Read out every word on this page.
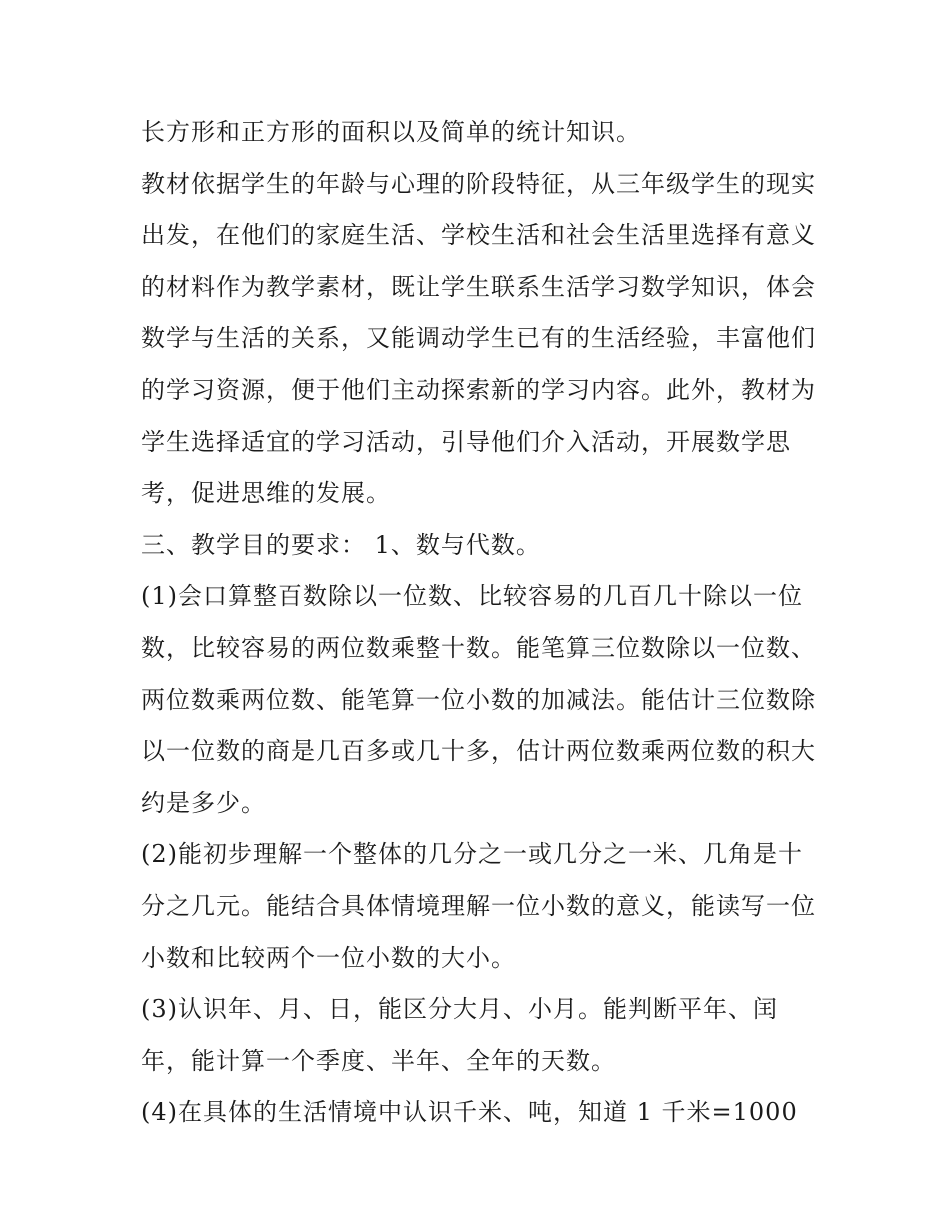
长方形和正方形的面积以及简单的统计知识。
教材依据学生的年龄与心理的阶段特征，从三年级学生的现实
出发，在他们的家庭生活、学校生活和社会生活里选择有意义
的材料作为教学素材，既让学生联系生活学习数学知识，体会
数学与生活的关系，又能调动学生已有的生活经验，丰富他们
的学习资源，便于他们主动探索新的学习内容。此外，教材为
学生选择适宜的学习活动，引导他们介入活动，开展数学思
考，促进思维的发展。
三、教学目的要求： 1、数与代数。
(1)会口算整百数除以一位数、比较容易的几百几十除以一位
数，比较容易的两位数乘整十数。能笔算三位数除以一位数、
两位数乘两位数、能笔算一位小数的加减法。能估计三位数除
以一位数的商是几百多或几十多，估计两位数乘两位数的积大
约是多少。
(2)能初步理解一个整体的几分之一或几分之一米、几角是十
分之几元。能结合具体情境理解一位小数的意义，能读写一位
小数和比较两个一位小数的大小。
(3)认识年、月、日，能区分大月、小月。能判断平年、闰
年，能计算一个季度、半年、全年的天数。
(4)在具体的生活情境中认识千米、吨，知道 1 千米=1000
